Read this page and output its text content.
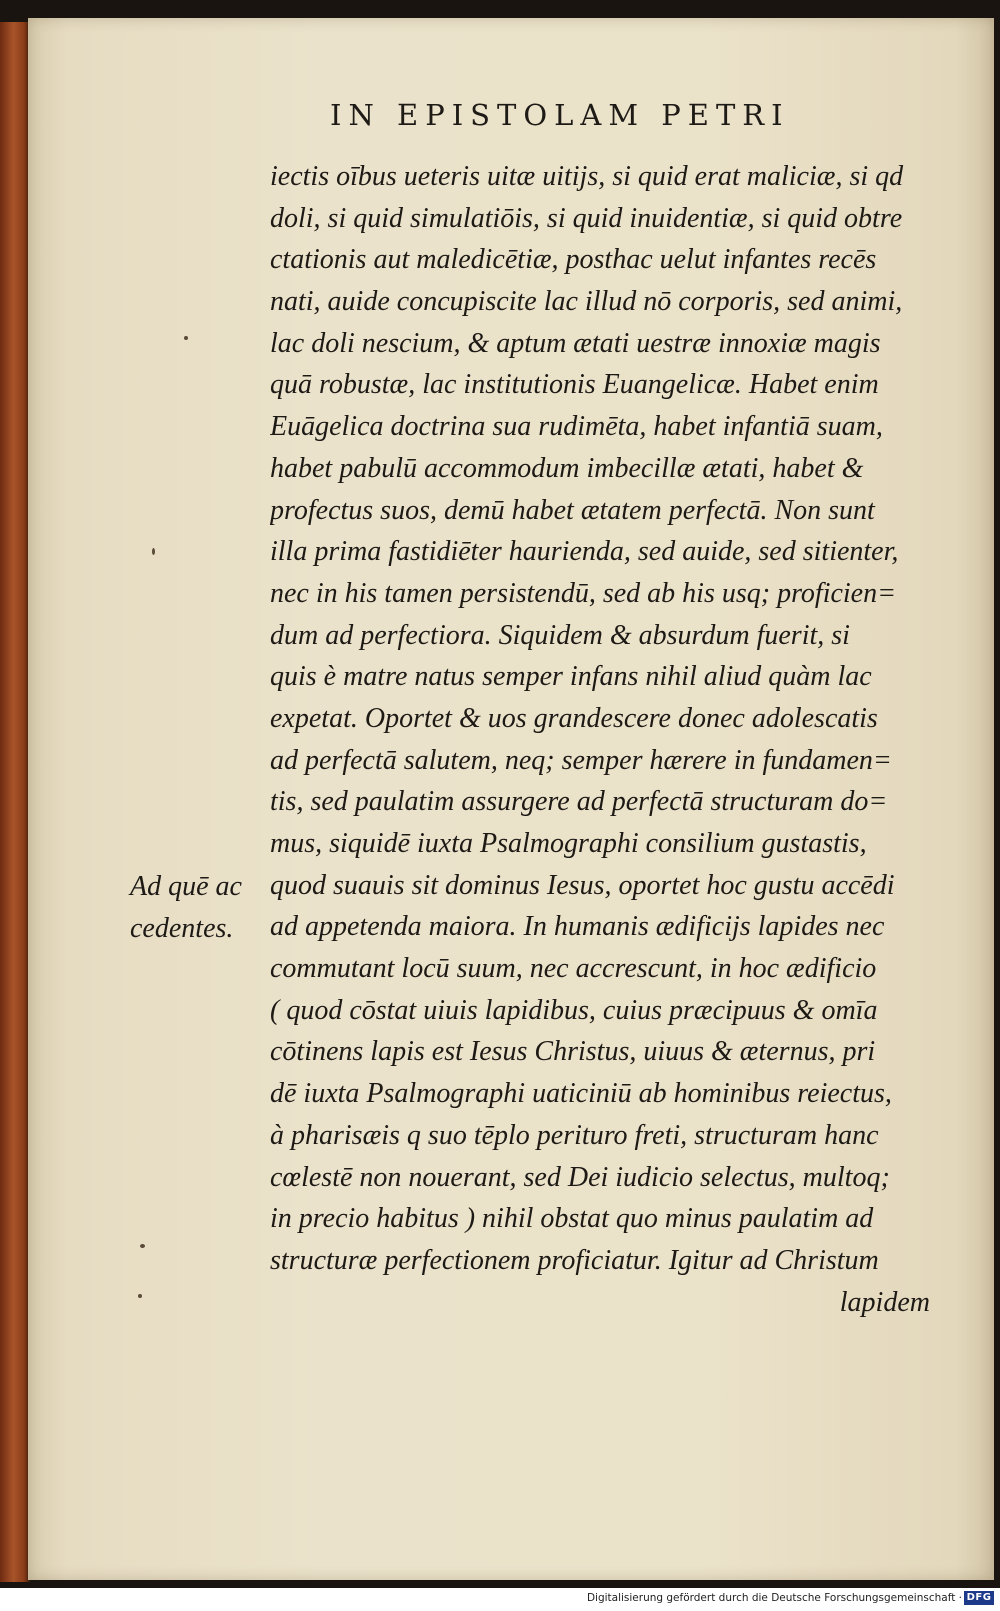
IN EPISTOLAM PETRI
Ad quē ac
cedentes.
iectis oībus ueteris uitæ uitijs, si quid erat maliciæ, si qd
doli, si quid simulatiōis, si quid inuidentiæ, si quid obtre
ctationis aut maledicētiæ, posthac uelut infantes recēs
nati, auide concupiscite lac illud nō corporis, sed animi,
lac doli nescium, & aptum ætati uestræ innoxiæ magis
quā robustæ, lac institutionis Euangelicæ. Habet enim
Euāgelica doctrina sua rudimēta, habet infantiā suam,
habet pabulū accommodum imbecillæ ætati, habet &
profectus suos, demū habet ætatem perfectā. Non sunt
illa prima fastidiēter haurienda, sed auide, sed sitienter,
nec in his tamen persistendū, sed ab his usq; proficien=
dum ad perfectiora. Siquidem & absurdum fuerit, si
quis è matre natus semper infans nihil aliud quàm lac
expetat. Oportet & uos grandescere donec adolescatis
ad perfectā salutem, neq; semper hærere in fundamen=
tis, sed paulatim assurgere ad perfectā structuram do=
mus, siquidē iuxta Psalmographi consilium gustastis,
quod suauis sit dominus Iesus, oportet hoc gustu accēdi
ad appetenda maiora. In humanis ædificijs lapides nec
commutant locū suum, nec accrescunt, in hoc ædificio
( quod cōstat uiuis lapidibus, cuius præcipuus & omīa
cōtinens lapis est Iesus Christus, uiuus & æternus, pri
dē iuxta Psalmographi uaticiniū ab hominibus reiectus,
à pharisæis q suo tēplo perituro freti, structuram hanc
cœlestē non nouerant, sed Dei iudicio selectus, multoq;
in precio habitus ) nihil obstat quo minus paulatim ad
structuræ perfectionem proficiatur. Igitur ad Christum
lapidem
Digitalisierung gefördert durch die Deutsche Forschungsgemeinschaft · DFG
